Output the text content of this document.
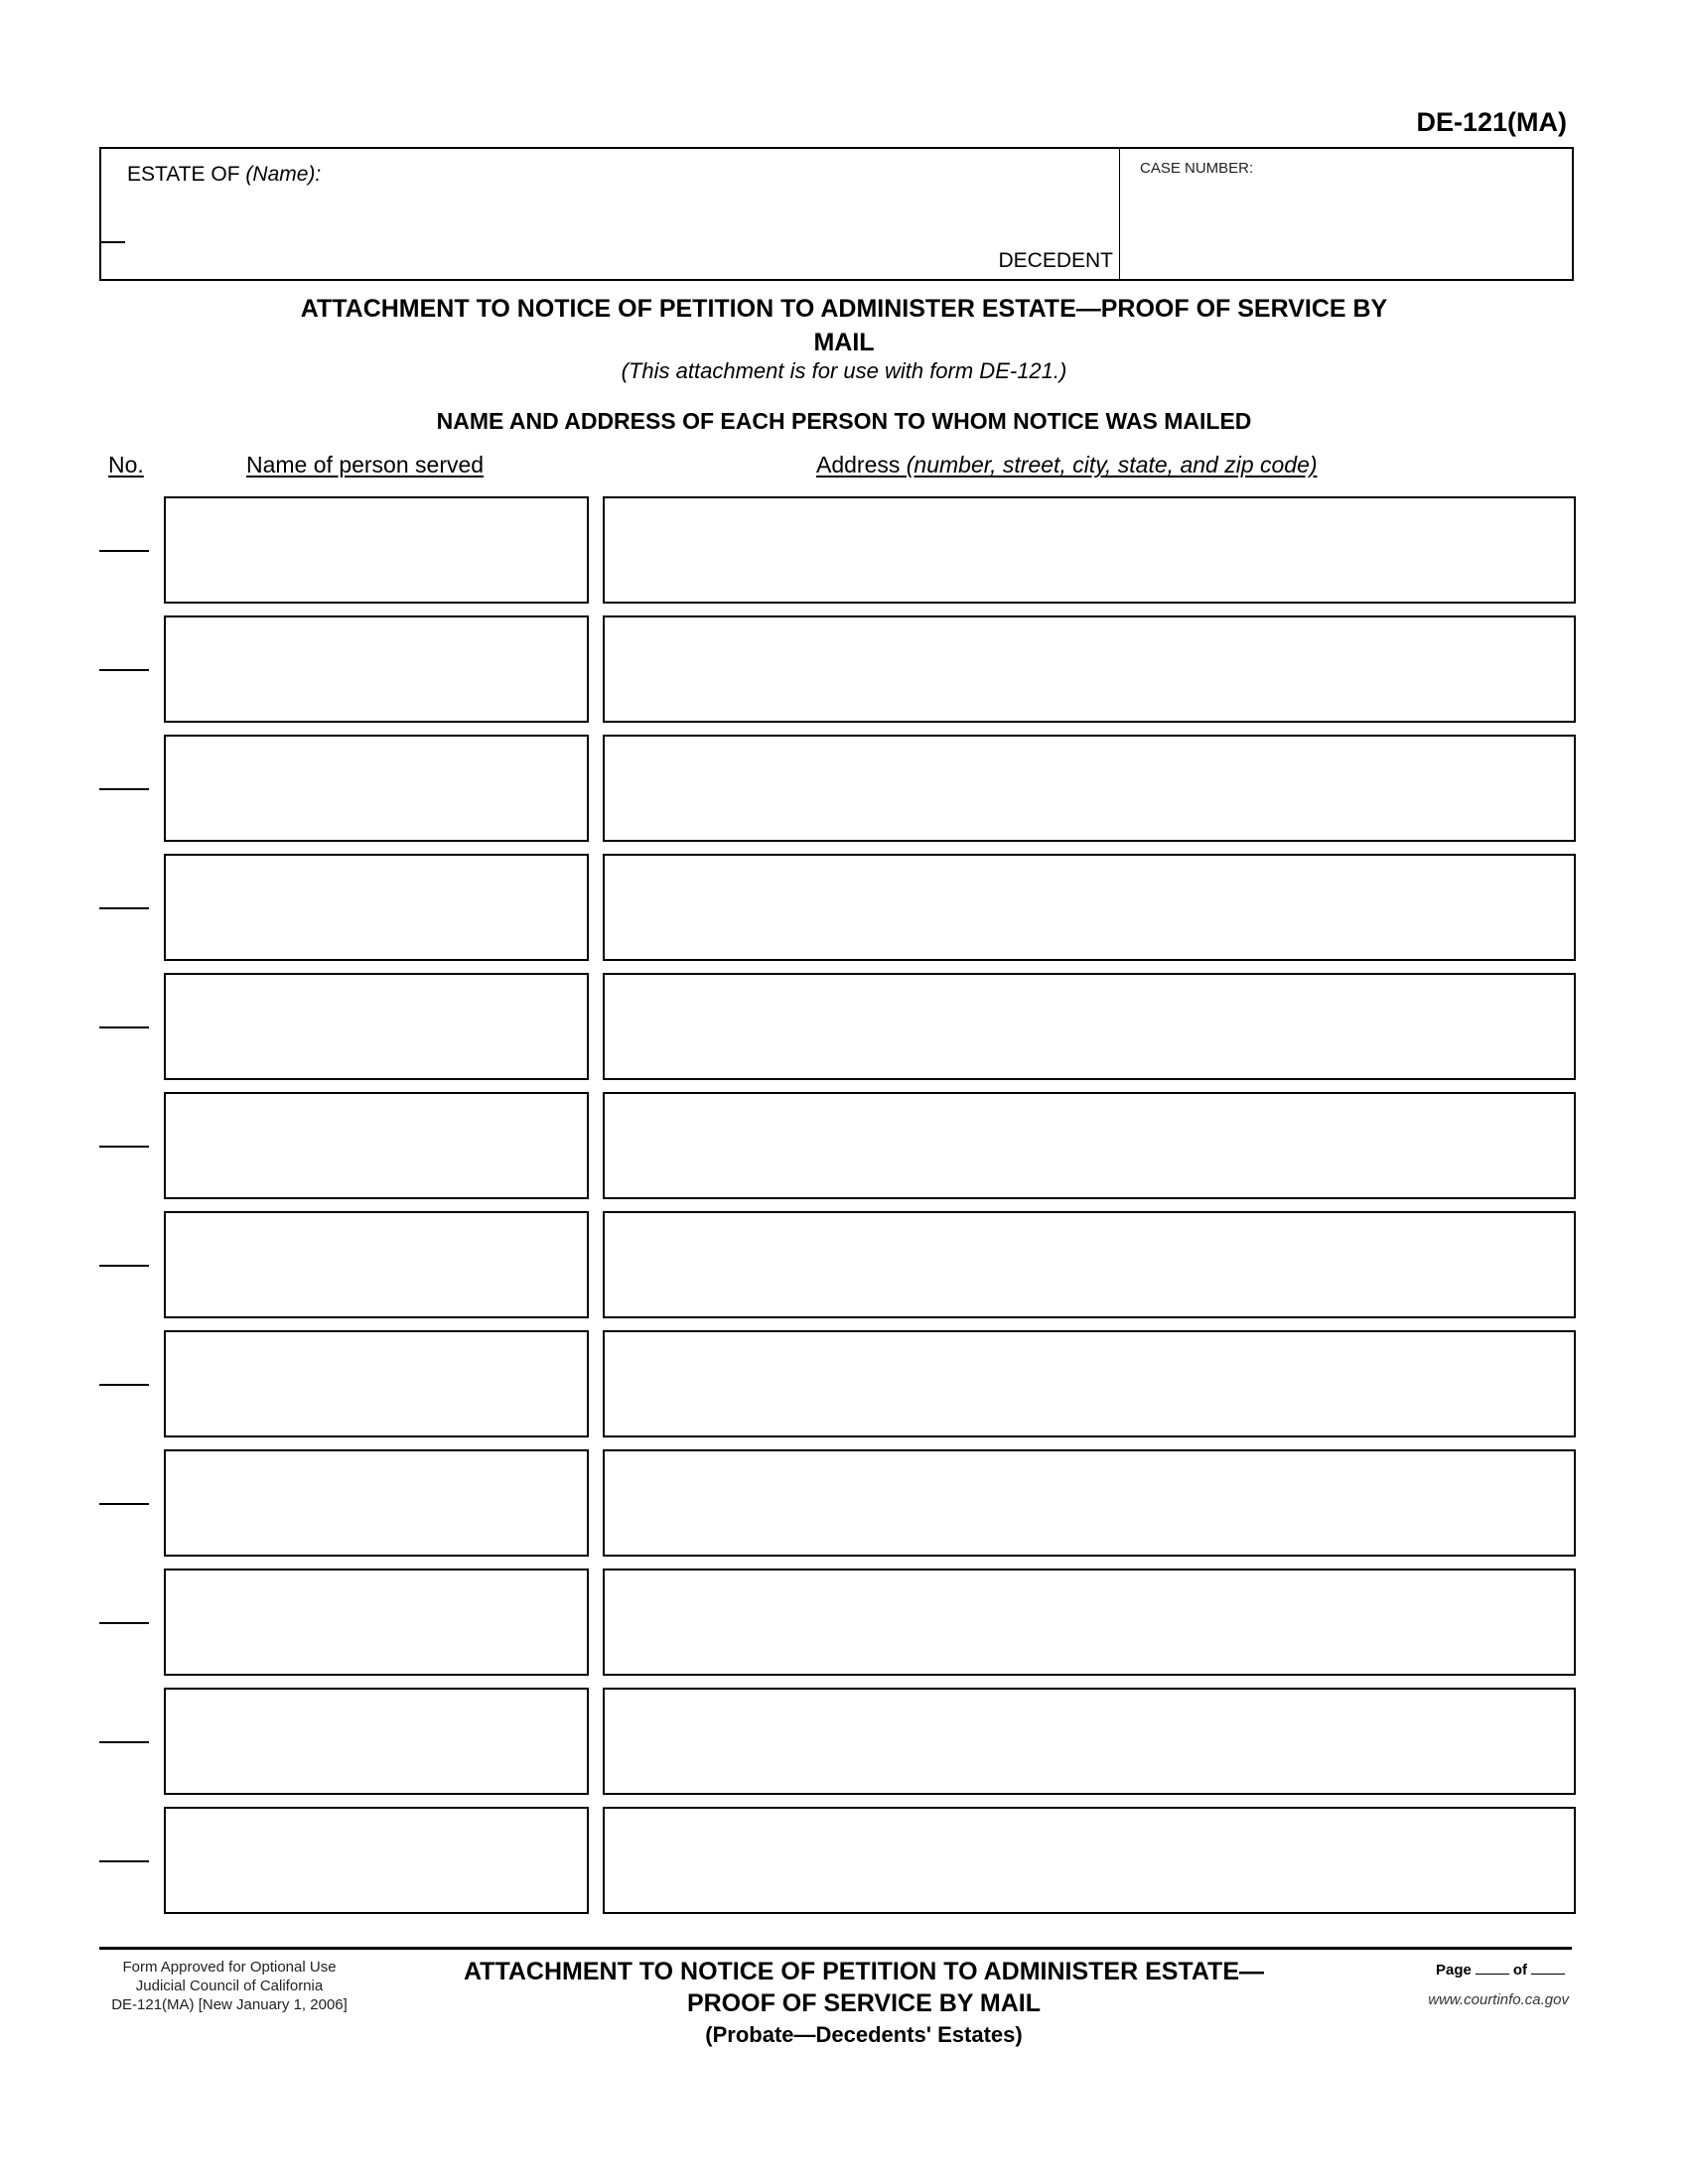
DE-121(MA)
ESTATE OF (Name):
DECEDENT
CASE NUMBER:
ATTACHMENT TO NOTICE OF PETITION TO ADMINISTER ESTATE—PROOF OF SERVICE BY
MAIL
(This attachment is for use with form DE-121.)
NAME AND ADDRESS OF EACH PERSON TO WHOM NOTICE WAS MAILED
No.	Name of person served	Address (number, street, city, state, and zip code)
Form Approved for Optional Use
Judicial Council of California
DE-121(MA) [New January 1, 2006]
ATTACHMENT TO NOTICE OF PETITION TO ADMINISTER ESTATE—
PROOF OF SERVICE BY MAIL
(Probate—Decedents' Estates)
Page	of
www.courtinfo.ca.gov
